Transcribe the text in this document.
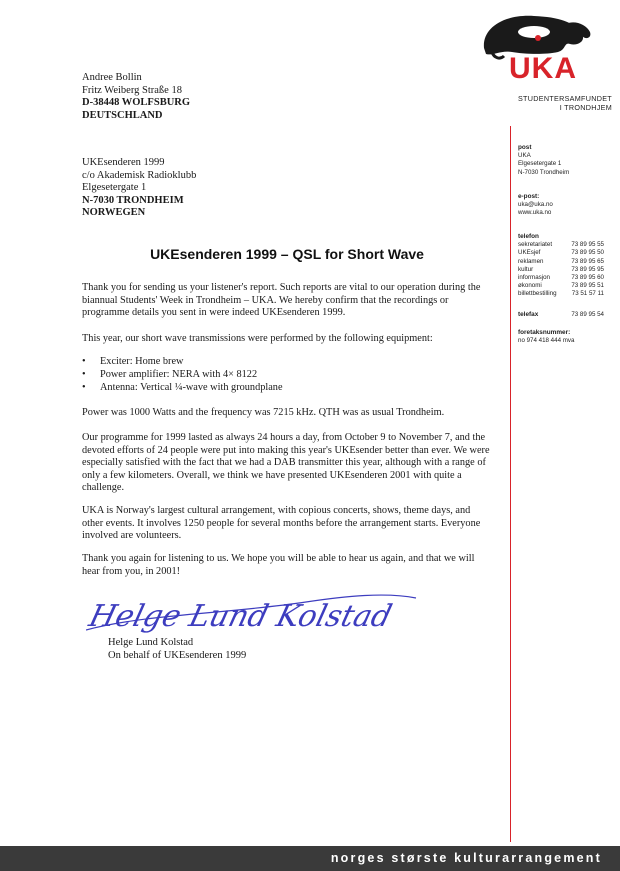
UKA
STUDENTERSAMFUNDET
I TRONDHJEM
post
UKA
Elgesetergate 1
N-7030 Trondheim
e-post:
uka@uka.no
www.uka.no
telefon
sekretariatet	73 89 95 55
UKEsjef	73 89 95 50
reklamen	73 89 95 65
kultur	73 89 95 95
informasjon	73 89 95 60
økonomi	73 89 95 51
billettbestilling 73 51 57 11
telefax	73 89 95 54
foretaksnummer:
no 974 418 444 mva
Andree Bollin
Fritz Weiberg Straße 18
D-38448 WOLFSBURG
DEUTSCHLAND
UKEsenderen 1999
c/o Akademisk Radioklubb
Elgesetergate 1
N-7030 TRONDHEIM
NORWEGEN
UKEsenderen 1999 – QSL for Short Wave
Thank you for sending us your listener's report. Such reports are vital to our operation during the biannual Students' Week in Trondheim – UKA. We hereby confirm that the recordings or programme details you sent in were indeed UKEsenderen 1999.
This year, our short wave transmissions were performed by the following equipment:
• Exciter: Home brew
• Power amplifier: NERA with 4× 8122
• Antenna: Vertical ¼-wave with groundplane
Power was 1000 Watts and the frequency was 7215 kHz. QTH was as usual Trondheim.
Our programme for 1999 lasted as always 24 hours a day, from October 9 to November 7, and the devoted efforts of 24 people were put into making this year's UKEsender better than ever. We were especially satisfied with the fact that we had a DAB transmitter this year, although with a range of only a few kilometers. Overall, we think we have presented UKEsenderen 2001 with quite a challenge.
UKA is Norway's largest cultural arrangement, with copious concerts, shows, theme days, and other events. It involves 1250 people for several months before the arrangement starts. Everyone involved are volunteers.
Thank you again for listening to us. We hope you will be able to hear us again, and that we will hear from you, in 2001!
Helge Lund Kolstad
Helge Lund Kolstad
On behalf of UKEsenderen 1999
norges største kulturarrangement
